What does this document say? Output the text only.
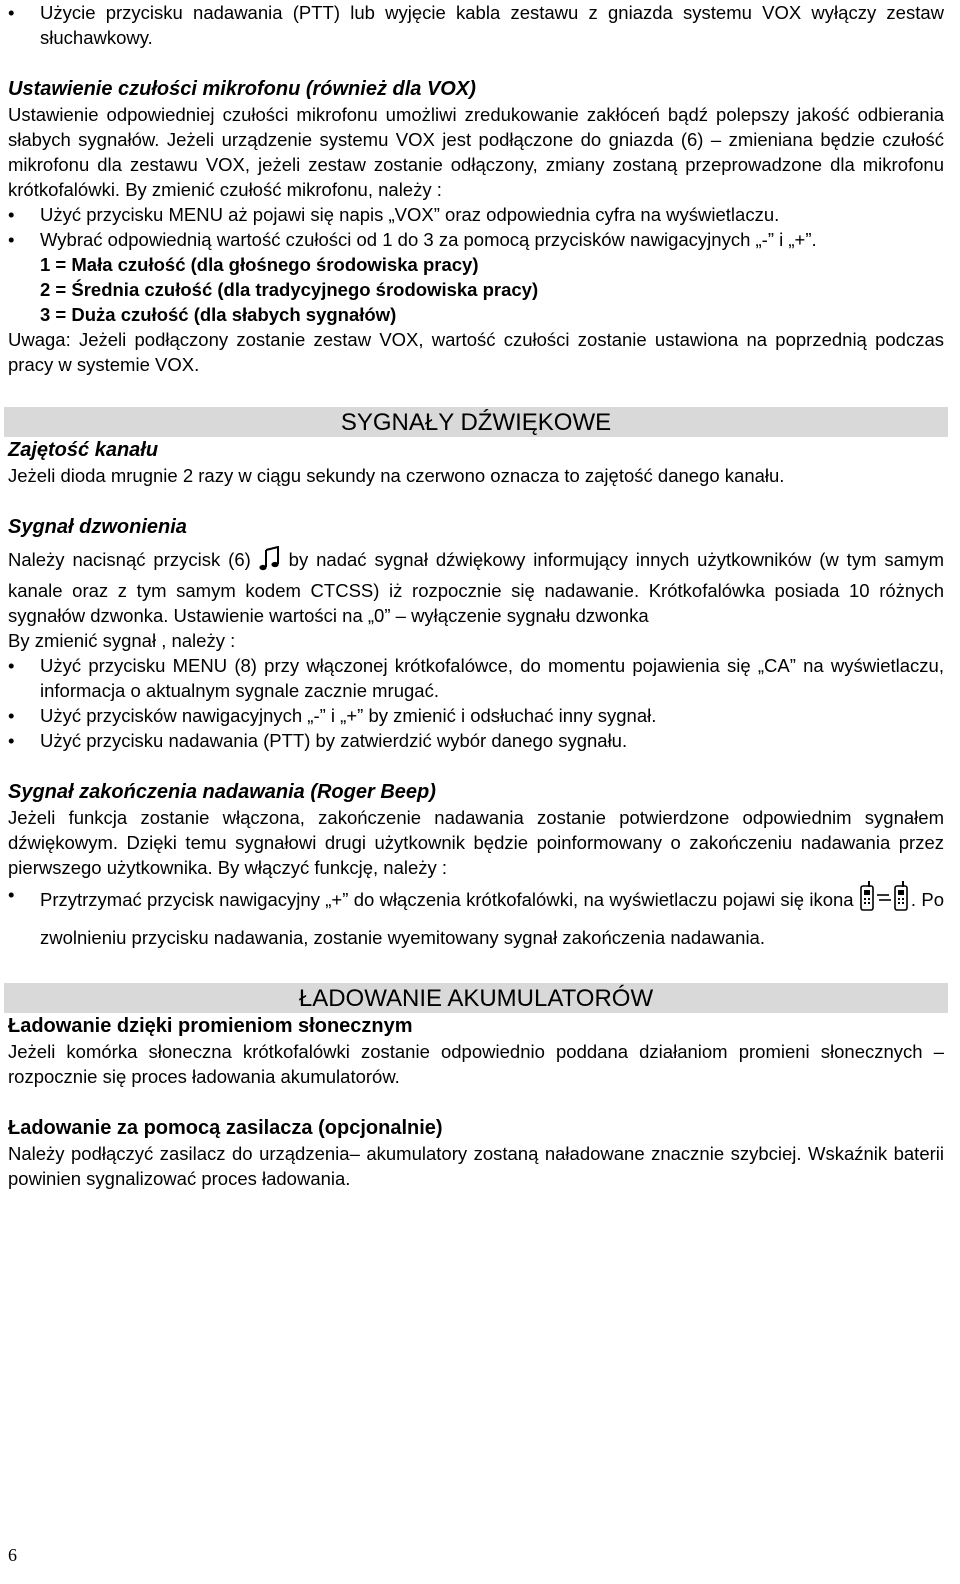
• Użycie przycisku nadawania (PTT) lub wyjęcie kabla zestawu z gniazda systemu VOX wyłączy zestaw słuchawkowy.

Ustawienie czułości mikrofonu (również dla VOX)

Ustawienie odpowiedniej czułości mikrofonu umożliwi zredukowanie zakłóceń bądź polepszy jakość odbierania słabych sygnałów. Jeżeli urządzenie systemu VOX jest podłączone do gniazda (6) – zmieniana będzie czułość mikrofonu dla zestawu VOX, jeżeli zestaw zostanie odłączony, zmiany zostaną przeprowadzone dla mikrofonu krótkofalówki. By zmienić czułość mikrofonu, należy :

• Użyć przycisku MENU aż pojawi się napis „VOX” oraz odpowiednia cyfra na wyświetlaczu.
• Wybrać odpowiednią wartość czułości od 1 do 3 za pomocą przycisków nawigacyjnych „-” i „+”.

1 = Mała czułość (dla głośnego środowiska pracy)

2 = Średnia czułość (dla tradycyjnego środowiska pracy)

3 = Duża czułość (dla słabych sygnałów)

Uwaga: Jeżeli podłączony zostanie zestaw VOX, wartość czułości zostanie ustawiona na poprzednią podczas pracy w systemie VOX.

SYGNAŁY DŹWIĘKOWE

Zajętość kanału

Jeżeli dioda mrugnie 2 razy w ciągu sekundy na czerwono oznacza to zajętość danego kanału.

Sygnał dzwonienia

Należy nacisnąć przycisk (6) by nadać sygnał dźwiękowy informujący innych użytkowników (w tym samym kanale oraz z tym samym kodem CTCSS) iż rozpocznie się nadawanie. Krótkofalówka posiada 10 różnych sygnałów dzwonka. Ustawienie wartości na „0” – wyłączenie sygnału dzwonka

By zmienić sygnał , należy :

• Użyć przycisku MENU (8) przy włączonej krótkofalówce, do momentu pojawienia się „CA” na wyświetlaczu, informacja o aktualnym sygnale zacznie mrugać.
• Użyć przycisków nawigacyjnych „-” i „+” by zmienić i odsłuchać inny sygnał.
• Użyć przycisku nadawania (PTT) by zatwierdzić wybór danego sygnału.

Sygnał zakończenia nadawania (Roger Beep)

Jeżeli funkcja zostanie włączona, zakończenie nadawania zostanie potwierdzone odpowiednim sygnałem dźwiękowym. Dzięki temu sygnałowi drugi użytkownik będzie poinformowany o zakończeniu nadawania przez pierwszego użytkownika. By włączyć funkcję, należy :

• Przytrzymać przycisk nawigacyjny „+” do włączenia krótkofalówki, na wyświetlaczu pojawi się ikona	. Po zwolnieniu przycisku nadawania, zostanie wyemitowany sygnał zakończenia nadawania.
ŁADOWANIE AKUMULATORÓW

Ładowanie dzięki promieniom słonecznym

Jeżeli komórka słoneczna krótkofalówki zostanie odpowiednio poddana działaniom promieni słonecznych – rozpocznie się proces ładowania akumulatorów.

Ładowanie za pomocą zasilacza (opcjonalnie)

Należy podłączyć zasilacz do urządzenia– akumulatory zostaną naładowane znacznie szybciej. Wskaźnik baterii powinien sygnalizować proces ładowania.

6
